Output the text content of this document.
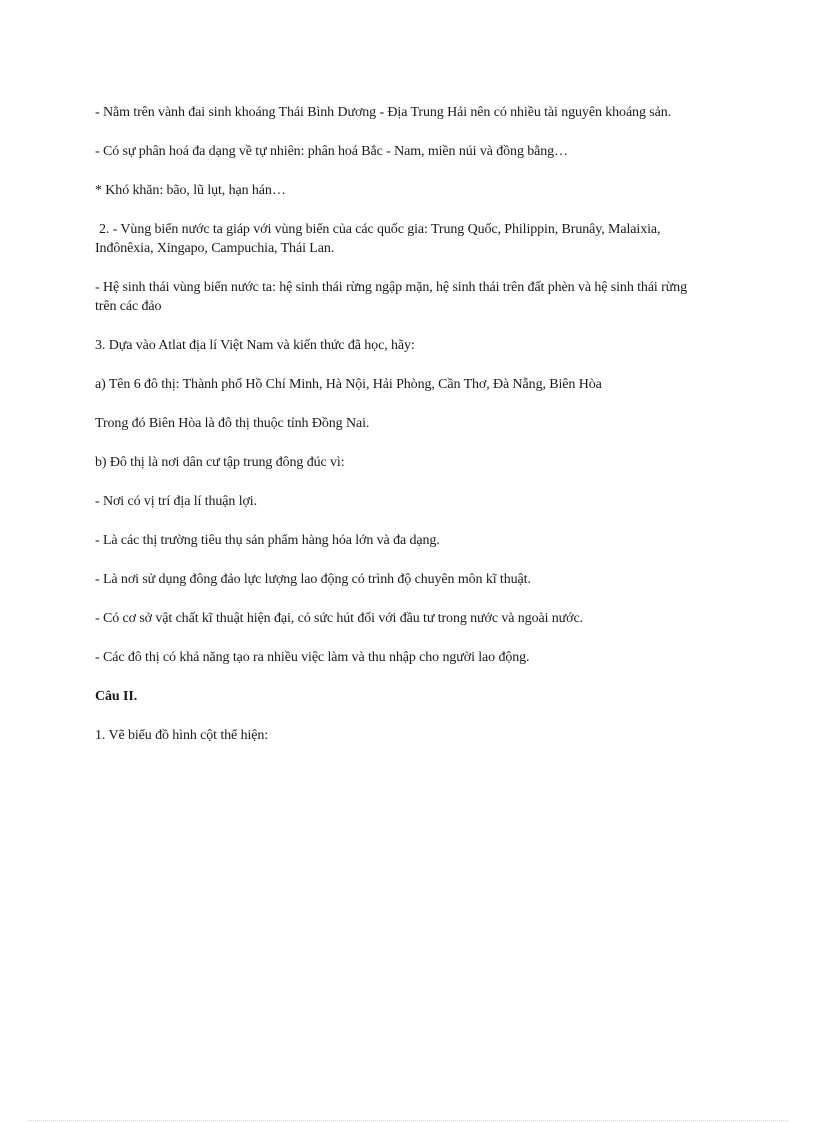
- Nằm trên vành đai sinh khoáng Thái Bình Dương - Địa Trung Hải nên có nhiều tài nguyên khoáng sản.

- Có sự phân hoá đa dạng về tự nhiên: phân hoá Bắc - Nam, miền núi và đồng bằng…

* Khó khăn: bão, lũ lụt, hạn hán…

2. - Vùng biển nước ta giáp với vùng biển của các quốc gia: Trung Quốc, Philippin, Brunây, Malaixia, Inđônêxia, Xingapo, Campuchia, Thái Lan.

- Hệ sinh thái vùng biển nước ta: hệ sinh thái rừng ngập mặn, hệ sinh thái trên đất phèn và hệ sinh thái rừng trên các đảo

3. Dựa vào Atlat địa lí Việt Nam và kiến thức đã học, hãy:

a) Tên 6 đô thị: Thành phố Hồ Chí Minh, Hà Nội, Hải Phòng, Cần Thơ, Đà Nẵng, Biên Hòa

Trong đó Biên Hòa là đô thị thuộc tỉnh Đồng Nai.

b) Đô thị là nơi dân cư tập trung đông đúc vì:

- Nơi có vị trí địa lí thuận lợi.

- Là các thị trường tiêu thụ sản phẩm hàng hóa lớn và đa dạng.

- Là nơi sử dụng đông đảo lực lượng lao động có trình độ chuyên môn kĩ thuật.

- Có cơ sở vật chất kĩ thuật hiện đại, có sức hút đối với đầu tư trong nước và ngoài nước.

- Các đô thị có khả năng tạo ra nhiều việc làm và thu nhập cho người lao động.

Câu II.

1. Vẽ biểu đồ hình cột thể hiện:
